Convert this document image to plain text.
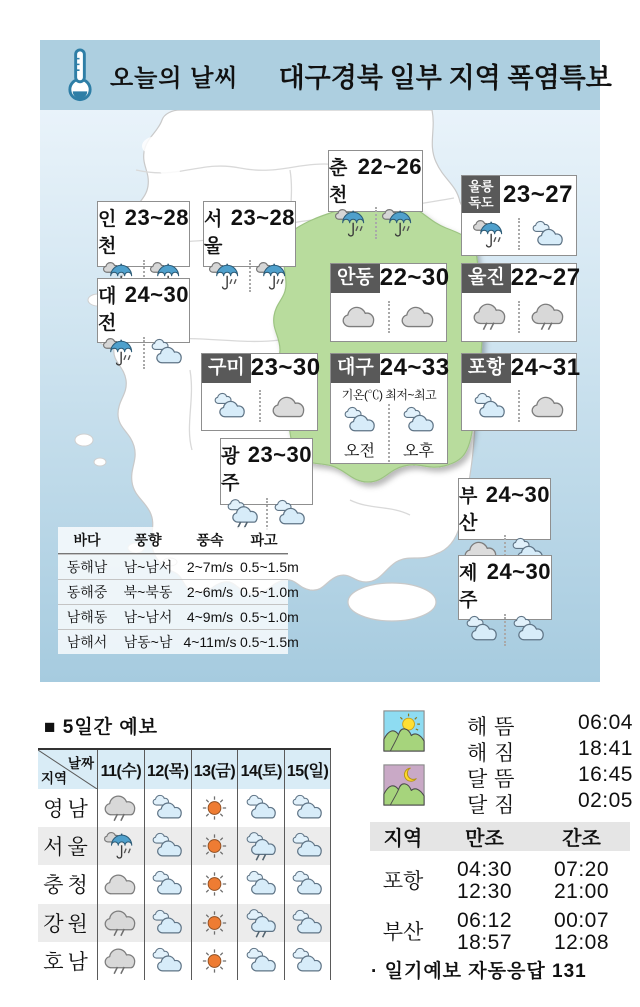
오늘의 날씨 대구경북 일부 지역 폭염특보
인천
23~28 서울
23~28
춘천
22~26
울릉독도 23~27
대전
24~30
안동 22~30 울진 22~27
구미 23~30 대구 24~33
기온(℃) 최저~최고
오전 오후
포항 24~31
광주
23~30
부산
24~30
제주
24~30
바다	풍향	풍속	파고
동해남	남~남서	2~7m/s 0.5~1.5m
동해중	북~북동	2~6m/s 0.5~1.0m
남해동	남~남서	4~9m/s 0.5~1.0m
남해서	남동~남 4~11m/s 0.5~1.5m
■ 5일간 예보
날짜
지역 11(수) 12(목) 13(금) 14(토) 15(일)
영남
서울
충청
강원
호남
해 뜸	06:04
해 짐	18:41
달 뜸	16:45
달 짐	02:05
지역	만조	간조
포항
04:30	07:20
12:30	21:00
부산
06:12	00:07
18:57	12:08
· 일기예보 자동응답 131
